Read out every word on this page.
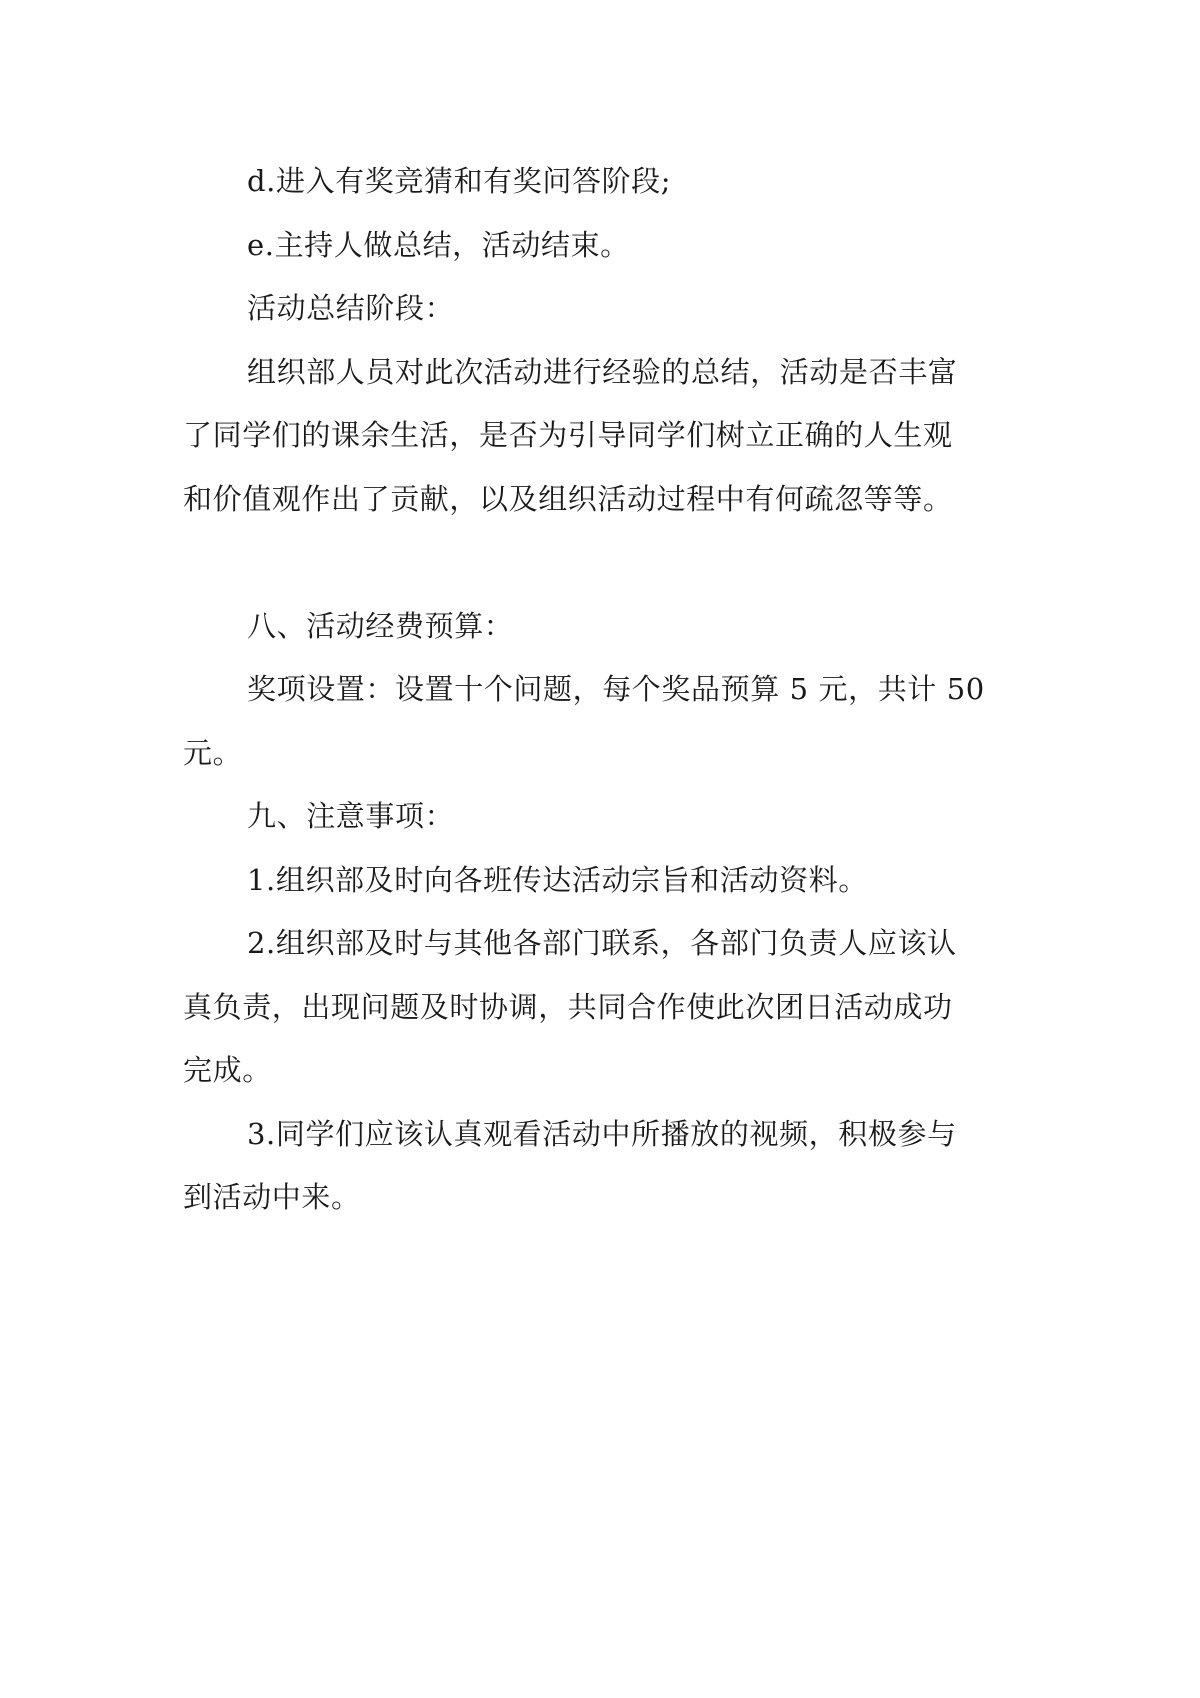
d.进入有奖竞猜和有奖问答阶段;

e.主持人做总结，活动结束。

活动总结阶段：

组织部人员对此次活动进行经验的总结，活动是否丰富
了同学们的课余生活，是否为引导同学们树立正确的人生观
和价值观作出了贡献，以及组织活动过程中有何疏忽等等。

八、活动经费预算：

奖项设置：设置十个问题，每个奖品预算 5 元，共计 50
元。

九、注意事项：

1.组织部及时向各班传达活动宗旨和活动资料。

2.组织部及时与其他各部门联系，各部门负责人应该认
真负责，出现问题及时协调，共同合作使此次团日活动成功
完成。

3.同学们应该认真观看活动中所播放的视频，积极参与
到活动中来。
